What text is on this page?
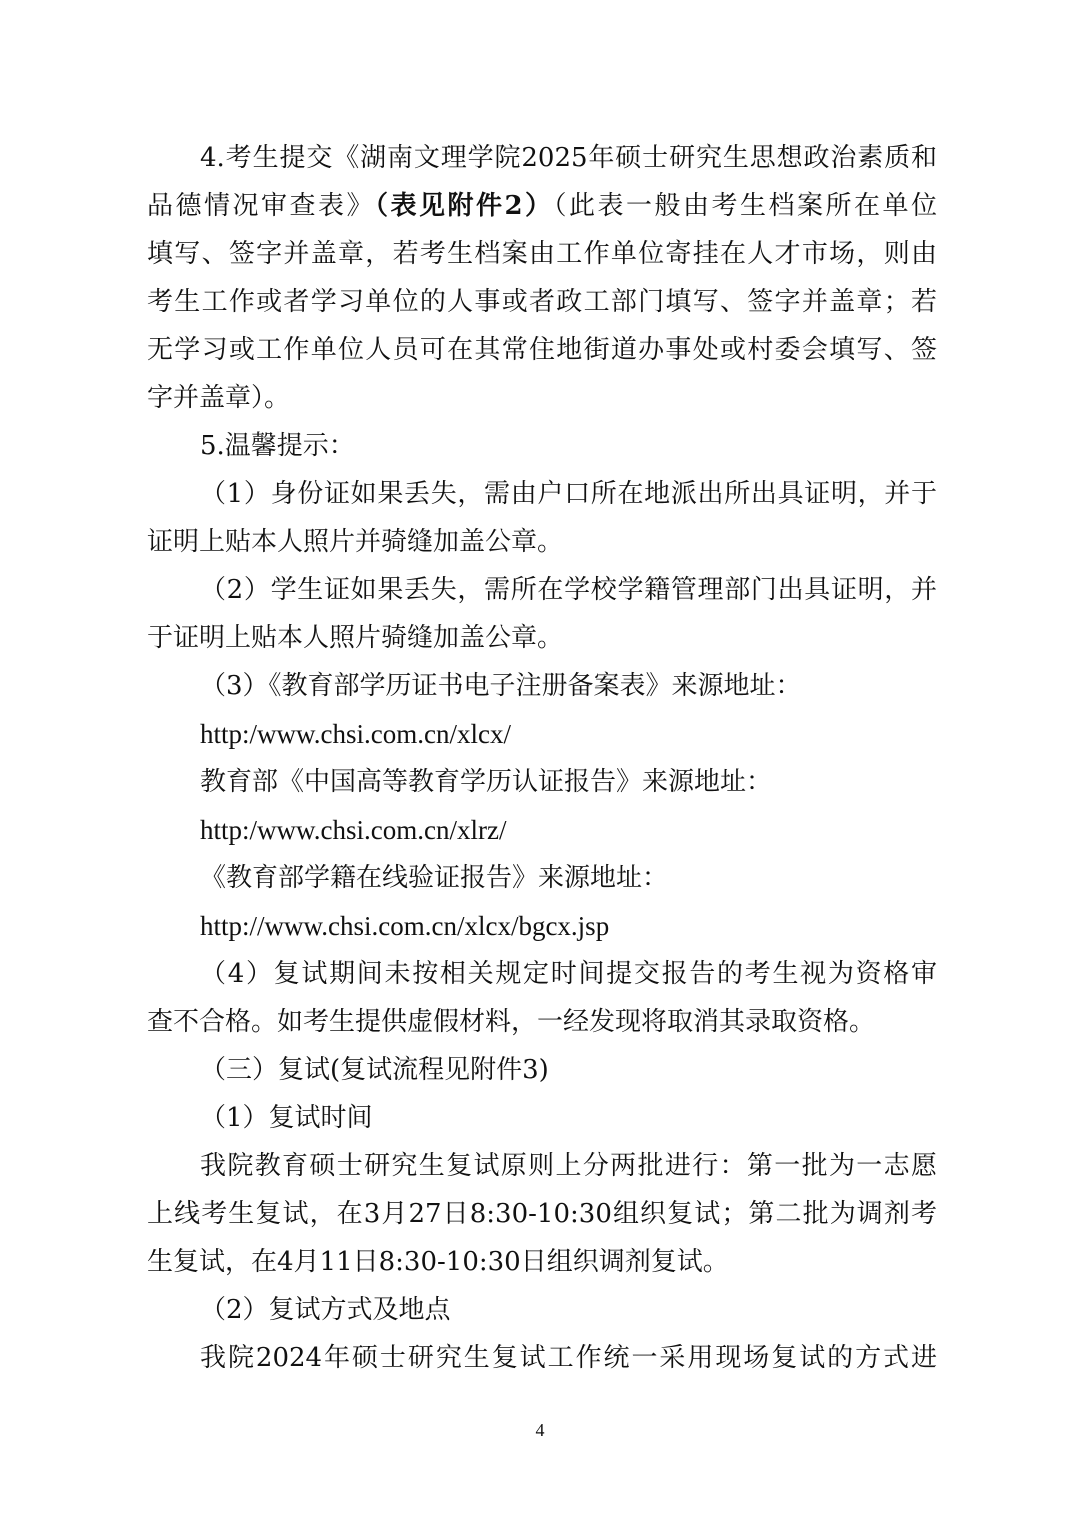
4.考生提交《湖南文理学院2025年硕士研究生思想政治素质和
品德情况审查表》（表见附件2）（此表一般由考生档案所在单位
填写、签字并盖章，若考生档案由工作单位寄挂在人才市场，则由
考生工作或者学习单位的人事或者政工部门填写、签字并盖章；若
无学习或工作单位人员可在其常住地街道办事处或村委会填写、签
字并盖章）。
5.温馨提示：
（1）身份证如果丢失，需由户口所在地派出所出具证明，并于
证明上贴本人照片并骑缝加盖公章。
（2）学生证如果丢失，需所在学校学籍管理部门出具证明，并
于证明上贴本人照片骑缝加盖公章。
（3）《教育部学历证书电子注册备案表》来源地址：
http:/www.chsi.com.cn/xlcx/
教育部《中国高等教育学历认证报告》来源地址：
http:/www.chsi.com.cn/xlrz/
《教育部学籍在线验证报告》来源地址：
http://www.chsi.com.cn/xlcx/bgcx.jsp
（4）复试期间未按相关规定时间提交报告的考生视为资格审
查不合格。如考生提供虚假材料，一经发现将取消其录取资格。
（三）复试(复试流程见附件3)
（1）复试时间
我院教育硕士研究生复试原则上分两批进行：第一批为一志愿
上线考生复试，在3月27日8:30-10:30组织复试；第二批为调剂考
生复试，在4月11日8:30-10:30日组织调剂复试。
（2）复试方式及地点
我院2024年硕士研究生复试工作统一采用现场复试的方式进
4
